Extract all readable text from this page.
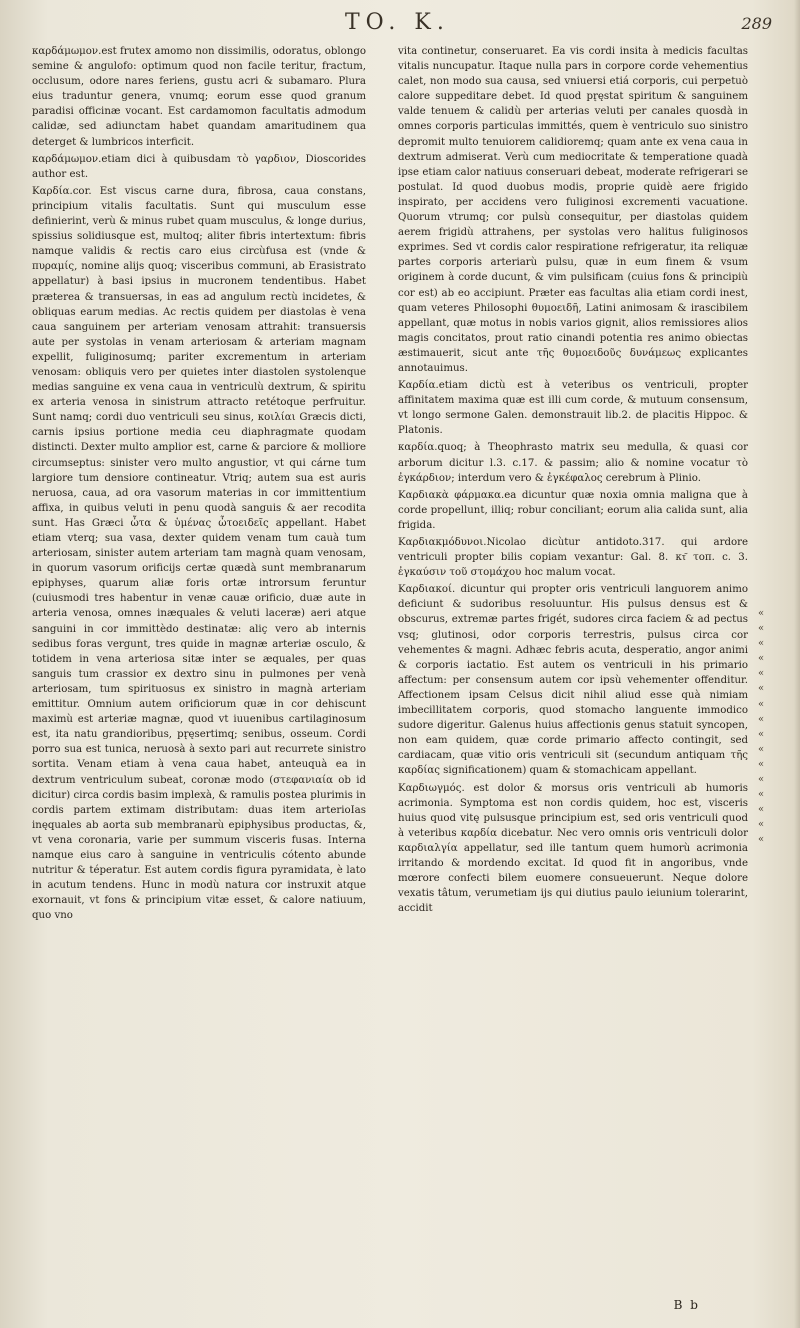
TO. K.	289

καρδάμωμον.est frutex amomo non dissimilis, odoratus, oblongo semine & angulofo: optimum quod non facile teritur, fractum, occlusum, odore nares feriens, gustu acri & subamaro. Plura eius traduntur genera, vnumq; eorum esse quod granum paradisi officinæ vocant. Est cardamomon facultatis admodum calidæ, sed adiunctam habet quandam amaritudinem qua deterget & lumbricos interficit.

καρδάμωμον.etiam dici à quibusdam τὸ γαρδιον, Dioscorides author est.

Καρδία.cor. Est viscus carne dura, fibrosa, caua constans, principium vitalis facultatis. Sunt qui musculum esse definierint, verù & minus rubet quam musculus, & longe durius, spissius solidiusque est, multoq; aliter fibris intertextum: fibris namque validis & rectis caro eius circùfusa est (vnde & πυραμίς, nomine alijs quoq; visceribus communi, ab Erasistrato appellatur) à basi ipsius in mucronem tendentibus. Habet præterea & transuersas, in eas ad angulum rectù incidetes, & obliquas earum medias. Ac rectis quidem per diastolas è vena caua sanguinem per arteriam venosam attrahit: transuersis aute per systolas in venam arteriosam & arteriam magnam expellit, fuliginosumq; pariter excrementum in arteriam venosam: obliquis vero per quietes inter diastolen systolenque medias sanguine ex vena caua in ventriculù dextrum, & spiritu ex arteria venosa in sinistrum attracto retétoque perfruitur. Sunt namq; cordi duo ventriculi seu sinus, κοιλίαι Græcis dicti, carnis ipsius portione media ceu diaphragmate quodam distincti. Dexter multo amplior est, carne & parciore & molliore circumseptus: sinister vero multo angustior, vt qui cárne tum largiore tum densiore contineatur. Vtriq; autem sua est auris neruosa, caua, ad ora vasorum materias in cor immittentium affixa, in quibus veluti in penu quodà sanguis & aer recodita sunt. Has Græci ὦτα & ὑμένας ὦτοειδεῖς appellant. Habet etiam vterq; sua vasa, dexter quidem venam tum cauà tum arteriosam, sinister autem arteriam tam magnà quam venosam, in quorum vasorum orificijs certæ quædà sunt membranarum epiphyses, quarum aliæ foris ortæ introrsum feruntur (cuiusmodi tres habentur in venæ cauæ orificio, duæ aute in arteria venosa, omnes inæquales & veluti laceræ) aeri atque sanguini in cor immittèdo destinatæ: aliç vero ab internis sedibus foras vergunt, tres quide in magnæ arteriæ osculo, & totidem in vena arteriosa sitæ inter se æquales, per quas sanguis tum crassior ex dextro sinu in pulmones per venà arteriosam, tum spirituosus ex sinistro in magnà arteriam emittitur. Omnium autem orificiorum quæ in cor dehiscunt maximù est arteriæ magnæ, quod vt iuuenibus cartilaginosum est, ita natu grandioribus, pr̨ęsertimq; senibus, osseum. Cordi porro sua est tunica, neruosà à sexto pari aut recurrete sinistro sortita. Venam etiam à vena caua habet, anteuquà ea in dextrum ventriculum subeat, coronæ modo (στεφανιαία ob id dicitur) circa cordis basim implexà, & ramulis postea plurimis in cordis partem extimam distributam: duas item arterioIas inęquales ab aorta sub membranarù epiphysibus productas, &, vt vena coronaria, varie per summum visceris fusas. Interna namque eius caro à sanguine in ventriculis cótento abunde nutritur & téperatur. Est autem cordis figura pyramidata, è lato in acutum tendens. Hunc in modù natura cor instruxit atque exornauit, vt fons & principium vitæ esset, & calore natiuum, quo vno

vita continetur, conseruaret. Ea vis cordi insita à medicis facultas vitalis nuncupatur. Itaque nulla pars in corpore corde vehementius calet, non modo sua causa, sed vniuersi etiá corporis, cui perpetuò calore suppeditare debet. Id quod pr̨ęstat spiritum & sanguinem valde tenuem & calidù per arterias veluti per canales quosdà in omnes corporis particulas immittés, quem è ventriculo suo sinistro depromit multo tenuiorem calidioremq; quam ante ex vena caua in dextrum admiserat. Verù cum mediocritate & temperatione quadà ipse etiam calor natiuus conseruari debeat, moderate refrigerari se postulat. Id quod duobus modis, proprie quidè aere frigido inspirato, per accidens vero fuliginosi excrementi vacuatione. Quorum vtrumq; cor pulsù consequitur, per diastolas quidem aerem frigidù attrahens, per systolas vero halitus fuliginosos exprimes. Sed vt cordis calor respiratione refrigeratur, ita reliquæ partes corporis arteriarù pulsu, quæ in eum finem & vsum originem à corde ducunt, & vim pulsificam (cuius fons & principiù cor est) ab eo accipiunt. Præter eas facultas alia etiam cordi inest, quam veteres Philosophi θυμοειδῆ, Latini animosam & irascibilem appellant, quæ motus in nobis varios gignit, alios remissiores alios magis concitatos, prout ratio cinandi potentia res animo obiectas æstimauerit, sicut ante τῆς θυμοειδοῦς δυνάμεως explicantes annotauimus.

Καρδία.etiam dictù est à veteribus os ventriculi, propter affinitatem maxima quæ est illi cum corde, & mutuum consensum, vt longo sermone Galen. demonstrauit lib.2. de placitis Hippoc. & Platonis.

καρδία.quoq; à Theophrasto matrix seu medulla, & quasi cor arborum dicitur l.3. c.17. & passim; alio & nomine vocatur τὸ ἐγκάρδιον; interdum vero & ἐγκέφαλος cerebrum à Plinio.

Καρδιακὰ φάρμακα.ea dicuntur quæ noxia omnia maligna que à corde propellunt, illiq; robur conciliant; eorum alia calida sunt, alia frigida.

Καρδιακμόδυνοι.Nicolao dicùtur antidoto.317. qui ardore ventriculi propter bilis copiam vexantur: Gal. 8. κτ͂ τοπ. c. 3. ἐγκαύσιν τοῦ στομάχου hoc malum vocat.

Καρδιακοί. dicuntur qui propter oris ventriculi languorem animo deficiunt & sudoribus resoluuntur. His pulsus densus est & obscurus, extremæ partes frigét, sudores circa faciem & ad pectus vsq; glutinosi, odor corporis terrestris, pulsus circa cor vehementes & magni. Adhæc febris acuta, desperatio, angor animi & corporis iactatio. Est autem os ventriculi in his primario affectum: per consensum autem cor ipsù vehementer offenditur. Affectionem ipsam Celsus dicit nihil aliud esse quà nimiam imbecillitatem corporis, quod stomacho languente immodico sudore digeritur. Galenus huius affectionis genus statuit syncopen, non eam quidem, quæ corde primario affecto contingit, sed cardiacam, quæ vitio oris ventriculi sit (secundum antiquam τῆς καρδίας significationem) quam & stomachicam appellant.

Καρδιωγμός. est dolor & morsus oris ventriculi ab humoris acrimonia. Symptoma est non cordis quidem, hoc est, visceris huius quod vitę pulsusque principium est, sed oris ventriculi quod à veteribus καρδία dicebatur. Nec vero omnis oris ventriculi dolor καρδιαλγία appellatur, sed ille tantum quem humorù acrimonia irritando & mordendo excitat. Id quod fit in angoribus, vnde mœrore confecti bilem euomere consueuerunt. Neque dolore vexatis tâtum, verumetiam ijs qui diutius paulo ieiunium tolerarint, accidit

«
«
«
«
«
«
«
«
«
«
«
«
«
«
«
«
B b
